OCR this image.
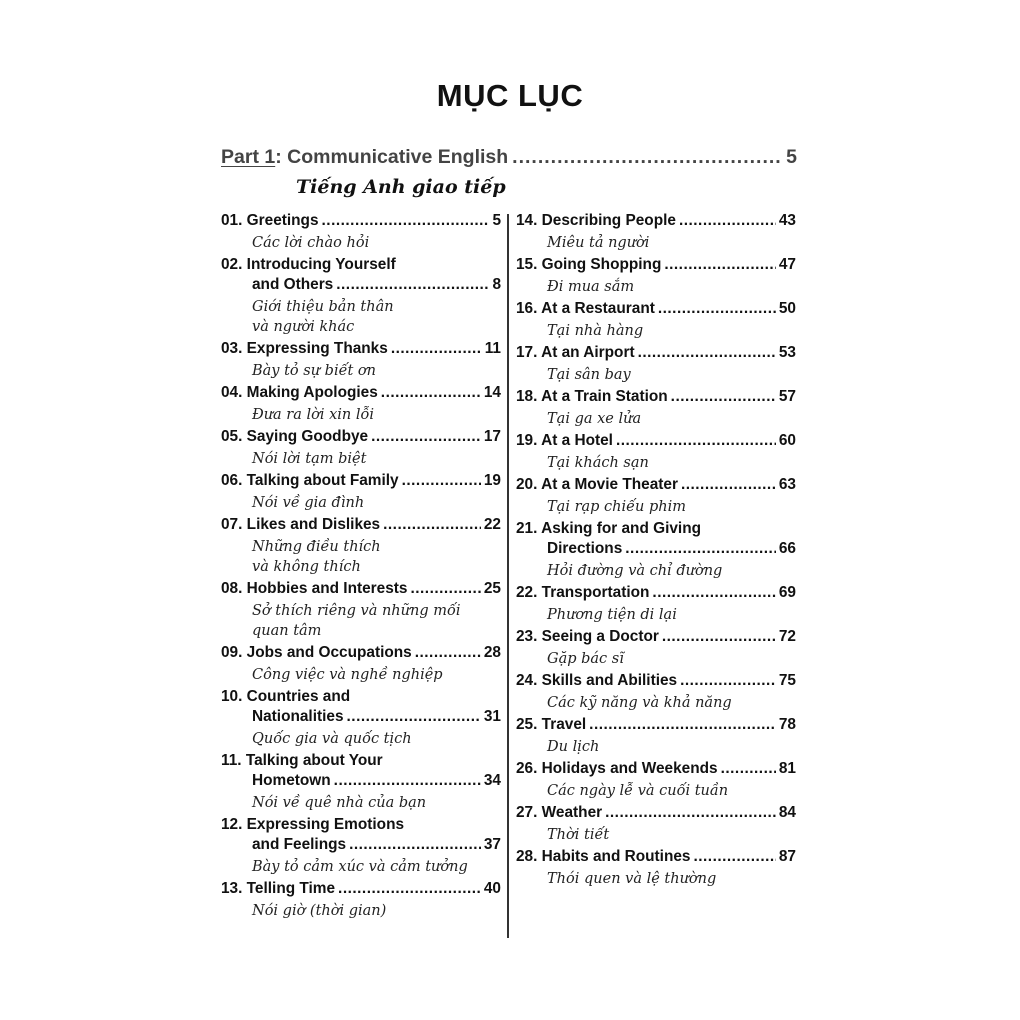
MỤC LỤC
Part 1 : Communicative English .....	5
Tiếng Anh giao tiếp
01. Greetings .....	5
Các lời chào hỏi
02. Introducing Yourself
and Others .....	8
Giới thiệu bản thân
và người khác
03. Expressing Thanks .....	11
Bày tỏ sự biết ơn
04. Making Apologies .....	14
Đưa ra lời xin lỗi
05. Saying Goodbye .....	17
Nói lời tạm biệt
06. Talking about Family .....	19
Nói về gia đình
07. Likes and Dislikes .....	22
Những điều thích
và không thích
08. Hobbies and Interests .....	25
Sở thích riêng và những mối
quan tâm
09. Jobs and Occupations .....	28
Công việc và nghề nghiệp
10. Countries and
Nationalities .....	31
Quốc gia và quốc tịch
11. Talking about Your
Hometown .....	34
Nói về quê nhà của bạn
12. Expressing Emotions
and Feelings .....	37
Bày tỏ cảm xúc và cảm tưởng
13. Telling Time .....	40
Nói giờ (thời gian)
14. Describing People .....	43
Miêu tả người
15. Going Shopping .....	47
Đi mua sắm
16. At a Restaurant .....	50
Tại nhà hàng
17. At an Airport .....	53
Tại sân bay
18. At a Train Station .....	57
Tại ga xe lửa
19. At a Hotel .....	60
Tại khách sạn
20. At a Movie Theater .....	63
Tại rạp chiếu phim
21. Asking for and Giving
Directions .....	66
Hỏi đường và chỉ đường
22. Transportation .....	69
Phương tiện di lại
23. Seeing a Doctor .....	72
Gặp bác sĩ
24. Skills and Abilities .....	75
Các kỹ năng và khả năng
25. Travel .....	78
Du lịch
26. Holidays and Weekends .....	81
Các ngày lễ và cuối tuần
27. Weather .....	84
Thời tiết
28. Habits and Routines .....	87
Thói quen và lệ thường
